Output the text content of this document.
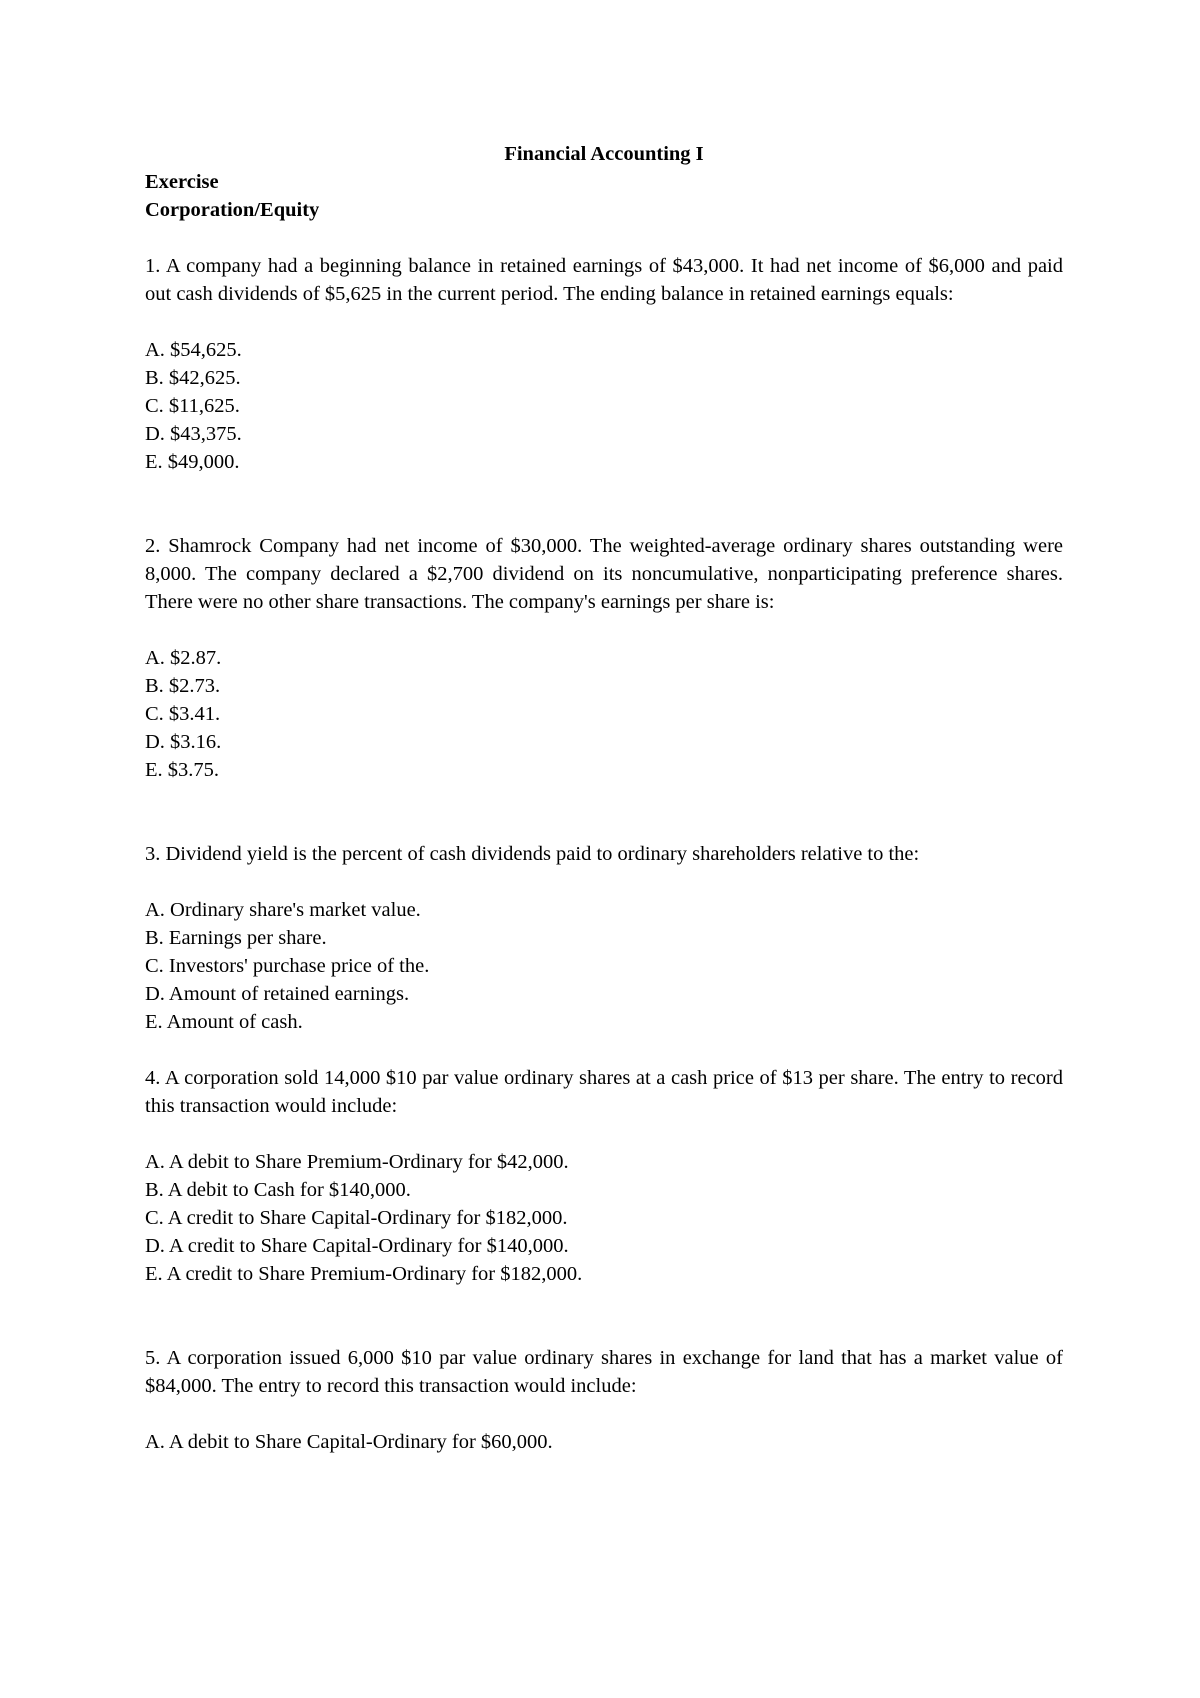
Financial Accounting I
Exercise
Corporation/Equity
1. A company had a beginning balance in retained earnings of $43,000. It had net income of $6,000 and paid out cash dividends of $5,625 in the current period. The ending balance in retained earnings equals:
A. $54,625.
B. $42,625.
C. $11,625.
D. $43,375.
E. $49,000.
2. Shamrock Company had net income of $30,000. The weighted-average ordinary shares outstanding were 8,000. The company declared a $2,700 dividend on its noncumulative, nonparticipating preference shares. There were no other share transactions. The company's earnings per share is:
A. $2.87.
B. $2.73.
C. $3.41.
D. $3.16.
E. $3.75.
3. Dividend yield is the percent of cash dividends paid to ordinary shareholders relative to the:
A. Ordinary share's market value.
B. Earnings per share.
C. Investors' purchase price of the.
D. Amount of retained earnings.
E. Amount of cash.
4. A corporation sold 14,000 $10 par value ordinary shares at a cash price of $13 per share. The entry to record this transaction would include:
A. A debit to Share Premium-Ordinary for $42,000.
B. A debit to Cash for $140,000.
C. A credit to Share Capital-Ordinary for $182,000.
D. A credit to Share Capital-Ordinary for $140,000.
E. A credit to Share Premium-Ordinary for $182,000.
5. A corporation issued 6,000 $10 par value ordinary shares in exchange for land that has a market value of $84,000. The entry to record this transaction would include:
A. A debit to Share Capital-Ordinary for $60,000.
